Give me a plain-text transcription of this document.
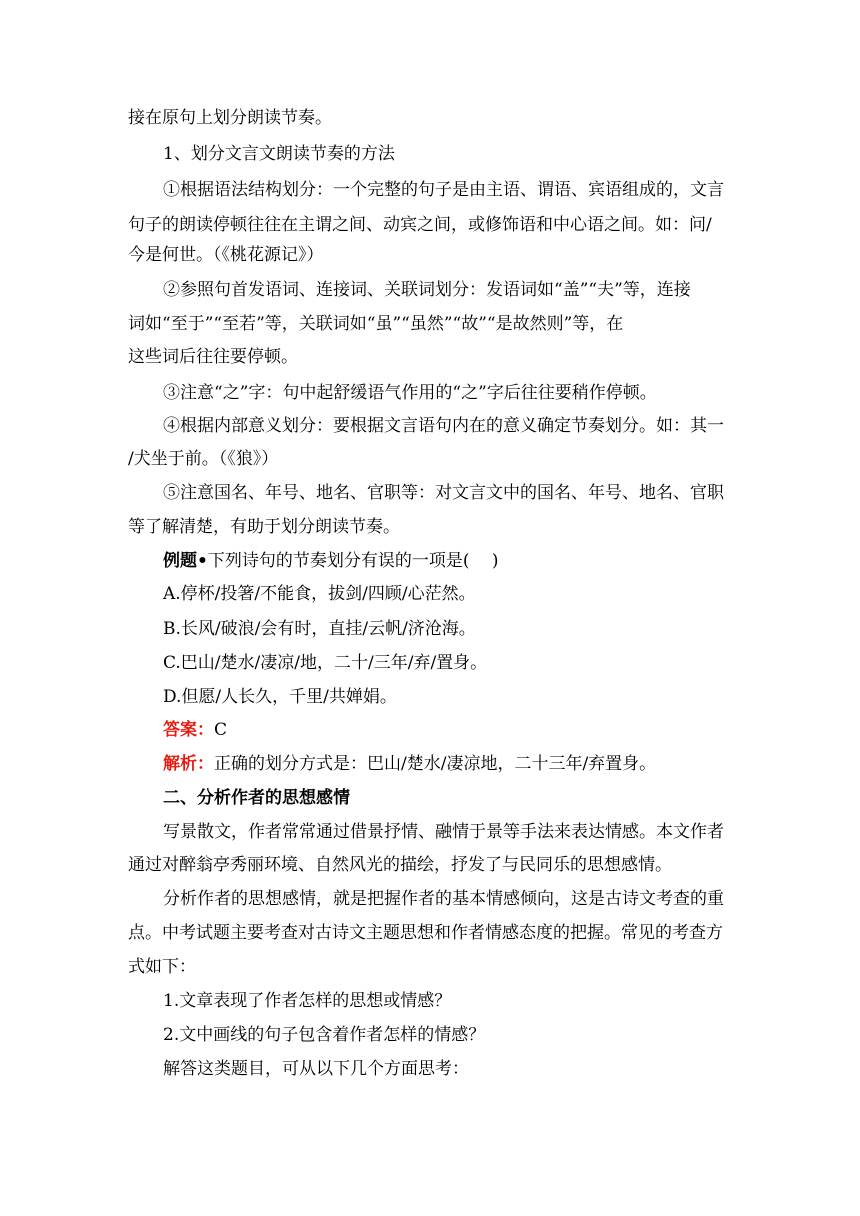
接在原句上划分朗读节奏。
1、划分文言文朗读节奏的方法
①根据语法结构划分：一个完整的句子是由主语、谓语、宾语组成的，文言
句子的朗读停顿往往在主谓之间、动宾之间，或修饰语和中心语之间。如：问/
今是何世。（《桃花源记》）
②参照句首发语词、连接词、关联词划分：发语词如“盖”“夫”等，连接
词如“至于”“至若”等，关联词如“虽”“虽然”“故”“是故然则”等，在
这些词后往往要停顿。
③注意“之”字：句中起舒缓语气作用的“之”字后往往要稍作停顿。
④根据内部意义划分：要根据文言语句内在的意义确定节奏划分。如：其一
/犬坐于前。（《狼》）
⑤注意国名、年号、地名、官职等：对文言文中的国名、年号、地名、官职
等了解清楚，有助于划分朗读节奏。
例题•下列诗句的节奏划分有误的一项是(　 )
A.停杯/投箸/不能食，拔剑/四顾/心茫然。
B.长风/破浪/会有时，直挂/云帆/济沧海。
C.巴山/楚水/凄凉/地，二十/三年/弃/置身。
D.但愿/人长久，千里/共婵娟。
答案：C
解析：正确的划分方式是：巴山/楚水/凄凉地，二十三年/弃置身。
二、分析作者的思想感情
写景散文，作者常常通过借景抒情、融情于景等手法来表达情感。本文作者
通过对醉翁亭秀丽环境、自然风光的描绘，抒发了与民同乐的思想感情。
分析作者的思想感情，就是把握作者的基本情感倾向，这是古诗文考查的重
点。中考试题主要考查对古诗文主题思想和作者情感态度的把握。常见的考查方
式如下：
1.文章表现了作者怎样的思想或情感？
2.文中画线的句子包含着作者怎样的情感？
解答这类题目，可从以下几个方面思考：
